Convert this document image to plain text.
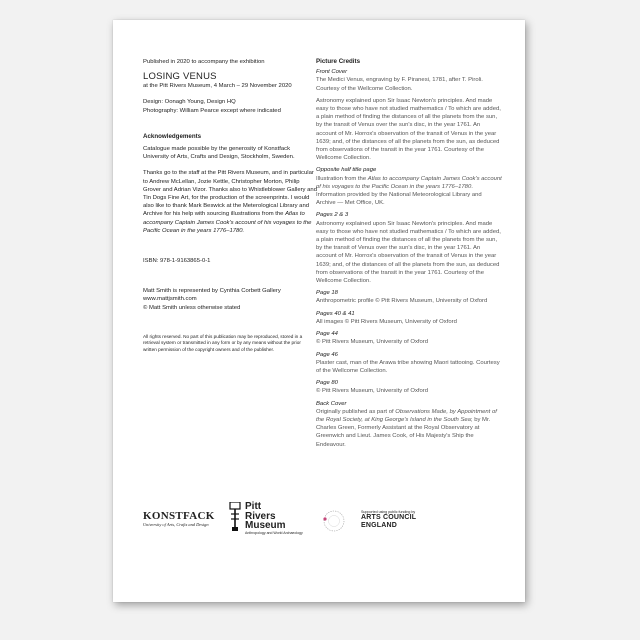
Published in 2020 to accompany the exhibition

LOSING VENUS

at the Pitt Rivers Museum, 4 March – 29 November 2020

Design: Oonagh Young, Design HQ

Photography: William Pearce except where indicated

Acknowledgements

Catalogue made possible by the generosity of Konstfack University of Arts, Crafts and Design, Stockholm, Sweden.

Thanks go to the staff at the Pitt Rivers Museum, and in particular to Andrew McLellan, Jozie Kettle, Christopher Morton, Philip Grover and Adrian Vizor. Thanks also to Whistleblower Gallery and Tin Dogs Fine Art, for the production of the screenprints. I would also like to thank Mark Beswick at the Meterological Library and Archive for his help with sourcing illustrations from the Atlas to accompany Captain James Cook's account of his voyages to the Pacific Ocean in the years 1776–1780.

ISBN: 978-1-9163865-0-1

Matt Smith is represented by Cynthia Corbett Gallery

www.mattjsmith.com

© Matt Smith unless otherwise stated

All rights reserved. No part of this publication may be reproduced, stored in a retrieval system or transmitted in any form or by any means without the prior written permission of the copyright owners and of the publisher.

Picture Credits

Front Cover

The Medici Venus, engraving by F. Piranesi, 1781, after T. Piroli. Courtesy of the Wellcome Collection.

Astronomy explained upon Sir Isaac Newton's principles. And made easy to those who have not studied mathematics / To which are added, a plain method of finding the distances of all the planets from the sun, by the transit of Venus over the sun's disc, in the year 1761. An account of Mr. Horrox's observation of the transit of Venus in the year 1639; and, of the distances of all the planets from the sun, as deduced from observations of the transit in the year 1761. Courtesy of the Wellcome Collection.

Opposite half title page

Illustration from the Atlas to accompany Captain James Cook's account of his voyages to the Pacific Ocean in the years 1776–1780. Information provided by the National Meteorological Library and Archive — Met Office, UK.

Pages 2 & 3

Astronomy explained upon Sir Isaac Newton's principles. And made easy to those who have not studied mathematics / To which are added, a plain method of finding the distances of all the planets from the sun, by the transit of Venus over the sun's disc, in the year 1761. An account of Mr. Horrox's observation of the transit of Venus in the year 1639; and, of the distances of all the planets from the sun, as deduced from observations of the transit in the year 1761. Courtesy of the Wellcome Collection.

Page 18

Anthropometric profile © Pitt Rivers Museum, University of Oxford

Pages 40 & 41

All images © Pitt Rivers Museum, University of Oxford

Page 44

© Pitt Rivers Museum, University of Oxford

Page 46

Plaster cast, man of the Arawa tribe showing Maori tattooing. Courtesy of the Wellcome Collection.

Page 80

© Pitt Rivers Museum, University of Oxford

Back Cover

Originally published as part of Observations Made, by Appointment of the Royal Society, at King George's Island in the South Sea; by Mr. Charles Green, Formerly Assistant at the Royal Observatory at Greenwich and Lieut. James Cook, of His Majesty's Ship the Endeavour.

KONSTFACK
University of Arts, Crafts and Design
Pitt
Rivers
Museum
Anthropology and World Archaeology
Supported using public funding by
ARTS COUNCIL
ENGLAND
